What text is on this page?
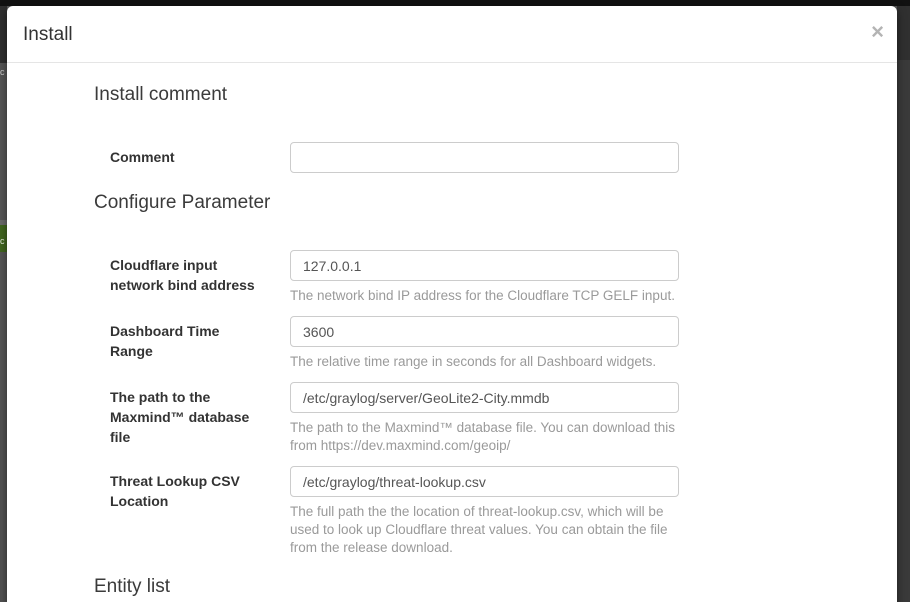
c
c
Install	×
Install comment
Comment
Configure Parameter
Cloudflare input network bind address
127.0.0.1
The network bind IP address for the Cloudflare TCP GELF input.
Dashboard Time Range
3600
The relative time range in seconds for all Dashboard widgets.
The path to the Maxmind™ database file
/etc/graylog/server/GeoLite2-City.mmdb
The path to the Maxmind™ database file. You can download this from https://dev.maxmind.com/geoip/
Threat Lookup CSV Location
/etc/graylog/threat-lookup.csv
The full path the the location of threat-lookup.csv, which will be used to look up Cloudflare threat values. You can obtain the file from the release download.
Entity list
